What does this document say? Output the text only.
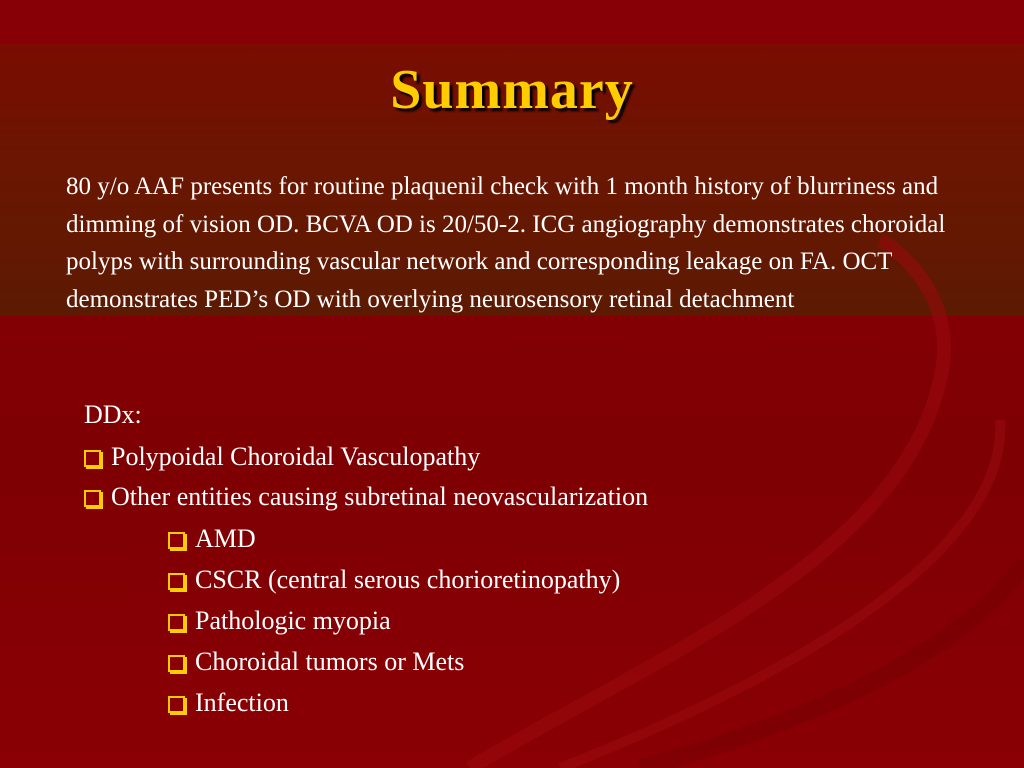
Summary
80 y/o AAF presents for routine plaquenil check with 1 month history of blurriness and dimming of vision OD. BCVA OD is 20/50-2. ICG angiography demonstrates choroidal polyps with surrounding vascular network and corresponding leakage on FA. OCT demonstrates PED’s OD with overlying neurosensory retinal detachment
DDx:
Polypoidal Choroidal Vasculopathy
Other entities causing subretinal neovascularization
AMD
CSCR (central serous chorioretinopathy)
Pathologic myopia
Choroidal tumors or Mets
Infection
